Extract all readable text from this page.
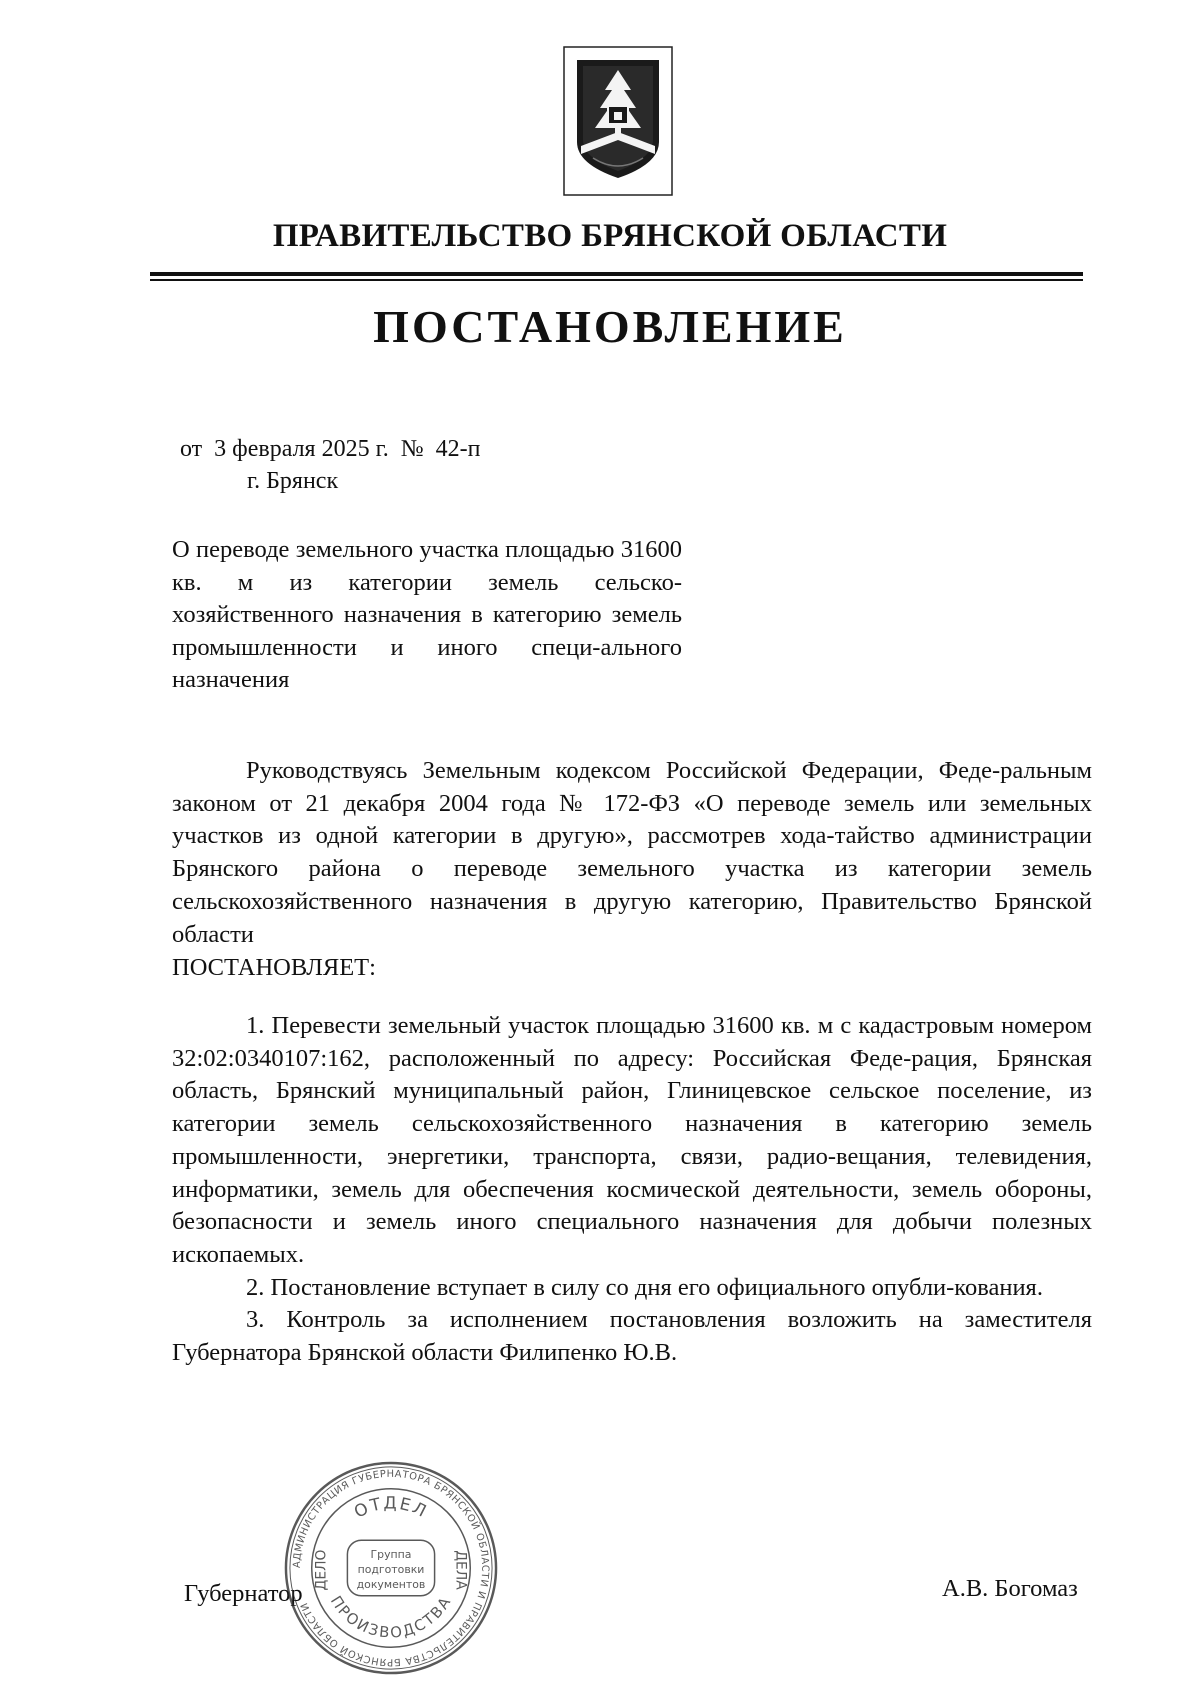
ПРАВИТЕЛЬСТВО БРЯНСКОЙ ОБЛАСТИ
ПОСТАНОВЛЕНИЕ
от  3 февраля 2025 г.  №  42-п
г. Брянск
О переводе земельного участка площадью 31600 кв. м из категории земель сельско-хозяйственного назначения в категорию земель промышленности и иного специ-ального назначения

Руководствуясь Земельным кодексом Российской Федерации, Феде-ральным законом от 21 декабря 2004 года № 172-ФЗ «О переводе земель или земельных участков из одной категории в другую», рассмотрев хода-тайство администрации Брянского района о переводе земельного участка из категории земель сельскохозяйственного назначения в другую категорию, Правительство Брянской области

ПОСТАНОВЛЯЕТ:

1. Перевести земельный участок площадью 31600 кв. м с кадастровым номером 32:02:0340107:162, расположенный по адресу: Российская Феде-рация, Брянская область, Брянский муниципальный район, Глиницевское сельское поселение, из категории земель сельскохозяйственного назначения в категорию земель промышленности, энергетики, транспорта, связи, радио-вещания, телевидения, информатики, земель для обеспечения космической деятельности, земель обороны, безопасности и земель иного специального назначения для добычи полезных ископаемых.

2. Постановление вступает в силу со дня его официального опубли-кования.

3. Контроль за исполнением постановления возложить на заместителя Губернатора Брянской области Филипенко Ю.В.

Губернатор	А.В. Богомаз
АДМИНИСТРАЦИЯ ГУБЕРНАТОРА БРЯНСКОЙ ОБЛАСТИ И ПРАВИТЕЛЬСТВА БРЯНСКОЙ ОБЛАСТИ
ОТДЕЛ
ПРОИЗВОДСТВА
ДЕЛО	ДЕЛА
Группа
подготовки
документов
